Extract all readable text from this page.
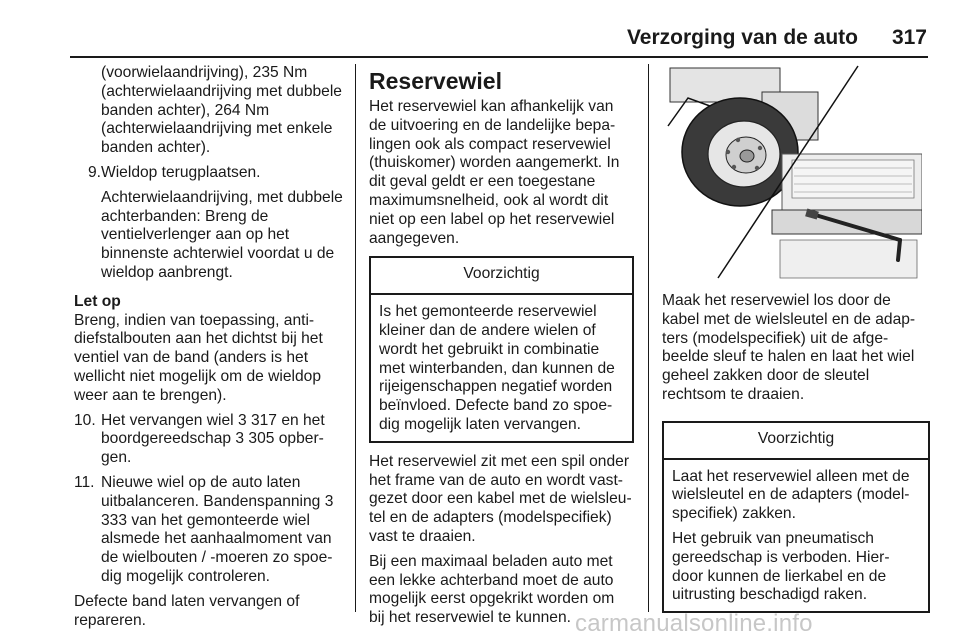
Verzorging van de auto 317

(voorwielaandrijving), 235 Nm (achterwielaandrijving met dubbele banden achter), 264 Nm (achterwielaandrijving met enkele banden achter).

9.Wieldop terugplaatsen.

Achterwielaandrijving, met dubbele achterbanden: Breng de ventielverlenger aan op het binnenste achterwiel voordat u de wieldop aanbrengt.

Let op

Breng, indien van toepassing, anti-diefstalbouten aan het dichtst bij het ventiel van de band (anders is het wellicht niet mogelijk om de wieldop weer aan te brengen).

10. Het vervangen wiel 3 317 en het boordgereedschap 3 305 opber-gen.

11. Nieuwe wiel op de auto laten uitbalanceren. Bandenspanning 3 333 van het gemonteerde wiel alsmede het aanhaalmoment van de wielbouten / -moeren zo spoe-dig mogelijk controleren.

Defecte band laten vervangen of repareren.

Reservewiel

Het reservewiel kan afhankelijk van de uitvoering en de landelijke bepa-lingen ook als compact reservewiel (thuiskomer) worden aangemerkt. In dit geval geldt er een toegestane maximumsnelheid, ook al wordt dit niet op een label op het reservewiel aangegeven.

Voorzichtig

Is het gemonteerde reservewiel kleiner dan de andere wielen of wordt het gebruikt in combinatie met winterbanden, dan kunnen de rijeigenschappen negatief worden beïnvloed. Defecte band zo spoe-dig mogelijk laten vervangen.

Het reservewiel zit met een spil onder het frame van de auto en wordt vast-gezet door een kabel met de wielsleu-tel en de adapters (modelspecifiek) vast te draaien.

Bij een maximaal beladen auto met een lekke achterband moet de auto mogelijk eerst opgekrikt worden om bij het reservewiel te kunnen.

Maak het reservewiel los door de kabel met de wielsleutel en de adap-ters (modelspecifiek) uit de afge-beelde sleuf te halen en laat het wiel geheel zakken door de sleutel rechtsom te draaien.

Voorzichtig

Laat het reservewiel alleen met de wielsleutel en de adapters (model-specifiek) zakken.

Het gebruik van pneumatisch gereedschap is verboden. Hier-door kunnen de lierkabel en de uitrusting beschadigd raken.

carmanualsonline.info
